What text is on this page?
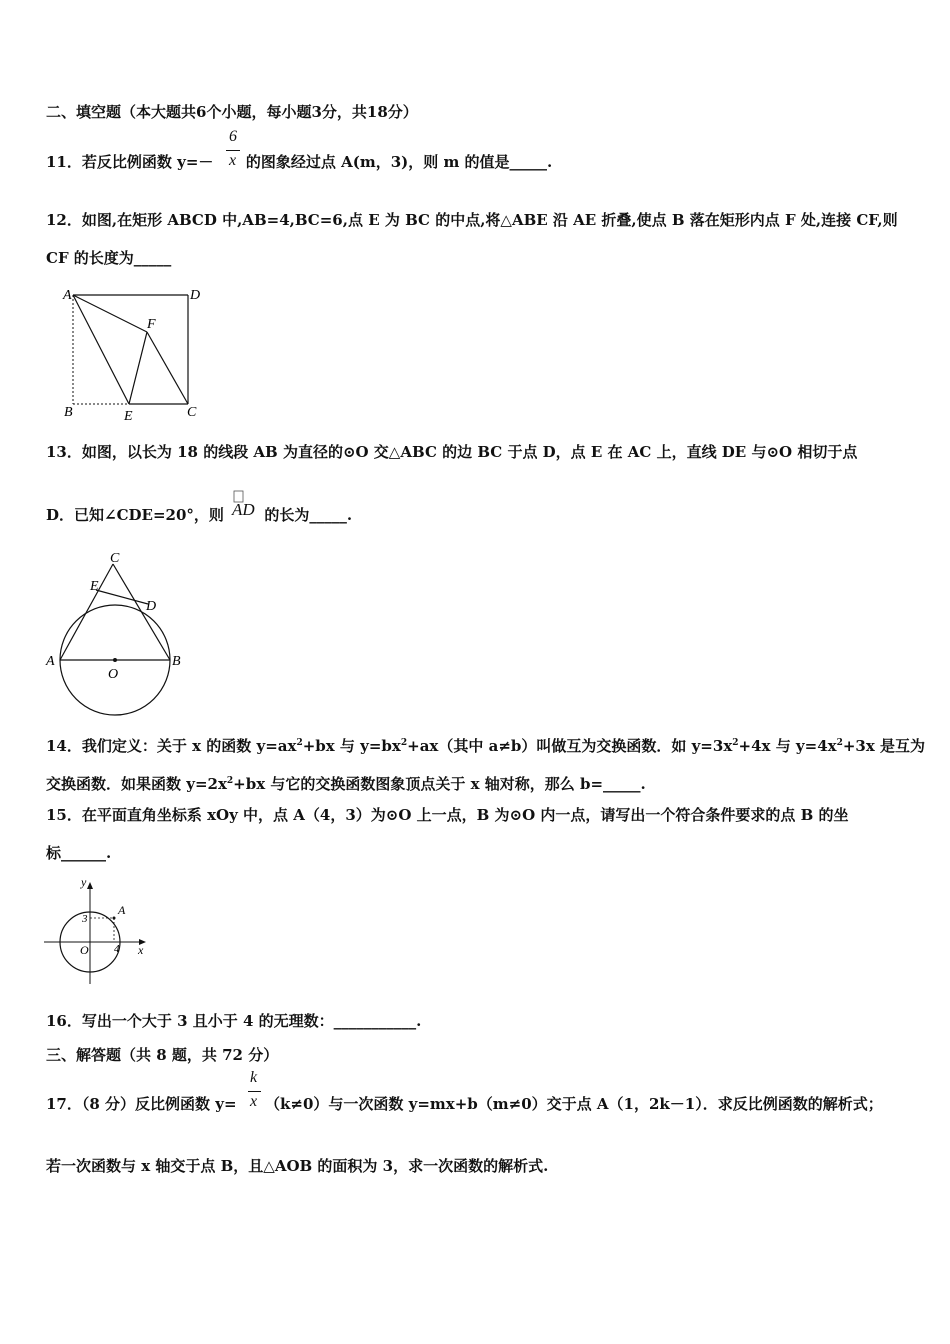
二、填空题（本大题共6个小题，每小题3分，共18分）
11．若反比例函数 y=－ 的图象经过点 A(m，3)，则 m 的值是_____.
6
x
12．如图,在矩形 ABCD 中,AB=4,BC=6,点 E 为 BC 的中点,将△ABE 沿 AE 折叠,使点 B 落在矩形内点 F 处,连接 CF,则
CF 的长度为_____
A	D
F
B	E	C
13．如图，以长为 18 的线段 AB 为直径的⊙O 交△ABC 的边 BC 于点 D，点 E 在 AC 上，直线 DE 与⊙O 相切于点
D．已知∠CDE=20°，则	的长为_____.
AD
C
E
D
A	B
O
14．我们定义：关于 x 的函数 $y=ax^2+bx$ 与 $y=bx^2+ax$（其中 a≠b）叫做互为交换函数．如 $y=3x^2+4x$ 与 $y=4x^2+3x$ 是互为
交换函数．如果函数 $y=2x^2+bx$ 与它的交换函数图象顶点关于 x 轴对称，那么 b=_____.
15．在平面直角坐标系 xOy 中，点 A（4，3）为⊙O 上一点，B 为⊙O 内一点，请写出一个符合条件要求的点 B 的坐
标______.
y
x
O
A
3
4
16．写出一个大于 3 且小于 4 的无理数：___________.
三、解答题（共 8 题，共 72 分）
17．（8 分）反比例函数 y= （k≠0）与一次函数 y=mx+b（m≠0）交于点 A（1，2k－1）．求反比例函数的解析式；
k
x
若一次函数与 x 轴交于点 B，且△AOB 的面积为 3，求一次函数的解析式.
